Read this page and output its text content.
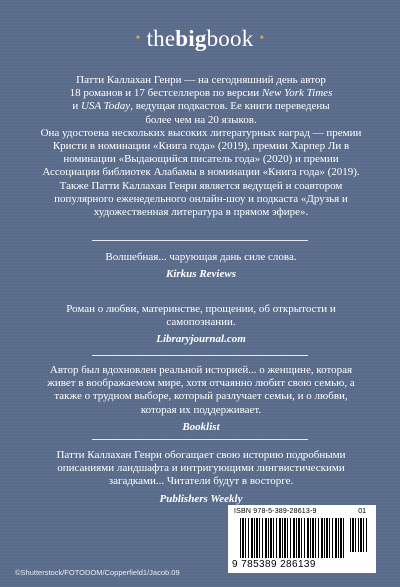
• thebigbook •

Патти Каллахан Генри — на сегодняшний день автор
18 романов и 17 бестселлеров по версии New York Times
и USA Today, ведущая подкастов. Ее книги переведены
более чем на 20 языков.

Она удостоена нескольких высоких литературных наград — премии Кристи в номинации «Книга года» (2019), премии Харпер Ли в номинации «Выдающийся писатель года» (2020) и премии Ассоциации библиотек Алабамы в номинации «Книга года» (2019). Также Патти Каллахан Генри является ведущей и соавтором популярного еженедельного онлайн-шоу и подкаста «Друзья и художественная литература в прямом эфире».

Волшебная... чарующая дань силе слова.
Kirkus Reviews
Роман о любви, материнстве, прощении, об открытости и самопознании.
Libraryjournal.com
Автор был вдохновлен реальной историей... о женщине, которая живет в воображаемом мире, хотя отчаянно любит свою семью, а также о трудном выборе, который разлучает семьи, и о любви, которая их поддерживает.
Booklist
Патти Каллахан Генри обогащает свою историю подробными описаниями ландшафта и интригующими лингвистическими загадками... Читатели будут в восторге.
Publishers Weekly
ISBN 978-5-389-28613-9	01
9 785389 286139
©Shutterstock/FOTODOM/Copperfield1/Jacob.09
